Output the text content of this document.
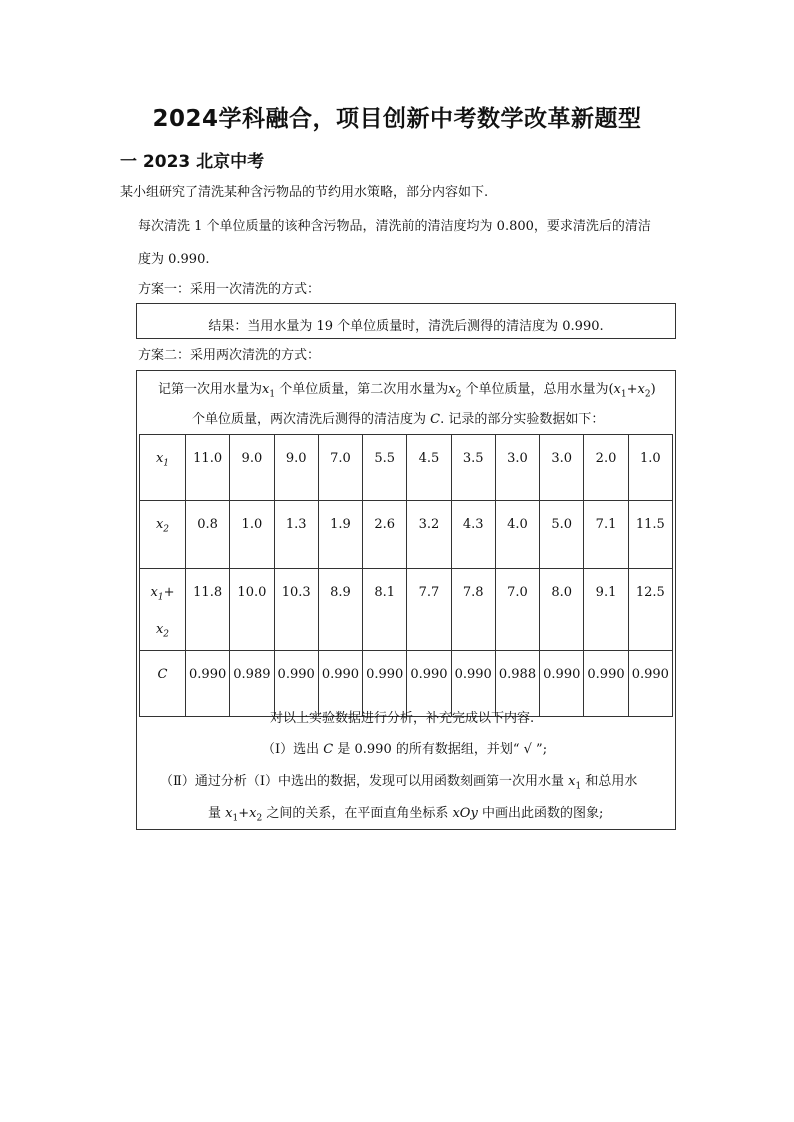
2024学科融合，项目创新中考数学改革新题型
一 2023 北京中考
某小组研究了清洗某种含污物品的节约用水策略，部分内容如下.
每次清洗 1 个单位质量的该种含污物品，清洗前的清洁度均为 0.800，要求清洗后的清洁
度为 0.990.
方案一：采用一次清洗的方式：
结果：当用水量为 19 个单位质量时，清洗后测得的清洁度为 0.990.
方案二：采用两次清洗的方式：
记第一次用水量为$x_1$ 个单位质量，第二次用水量为$x_2$ 个单位质量，总用水量为$(x_1+x_2)$
个单位质量，两次清洗后测得的清洁度为 C. 记录的部分实验数据如下：
$x_1$	11.0	9.0	9.0	7.0	5.5	4.5	3.5	3.0	3.0	2.0	1.0
$x_2$	0.8	1.0	1.3	1.9	2.6	3.2	4.3	4.0	5.0	7.1	11.5
$x_1+$
$x_2$	11.8	10.0	10.3	8.9	8.1	7.7	7.8	7.0	8.0	9.1	12.5
C	0.990	0.989	0.990	0.990	0.990	0.990	0.990	0.988	0.990	0.990	0.990
对以上实验数据进行分析，补充完成以下内容.
（Ⅰ）选出 C 是 0.990 的所有数据组，并划“ √ ”;
（Ⅱ）通过分析（Ⅰ）中选出的数据，发现可以用函数刻画第一次用水量 $x_1$ 和总用水
量 $x_1+x_2$ 之间的关系，在平面直角坐标系 xOy 中画出此函数的图象;
